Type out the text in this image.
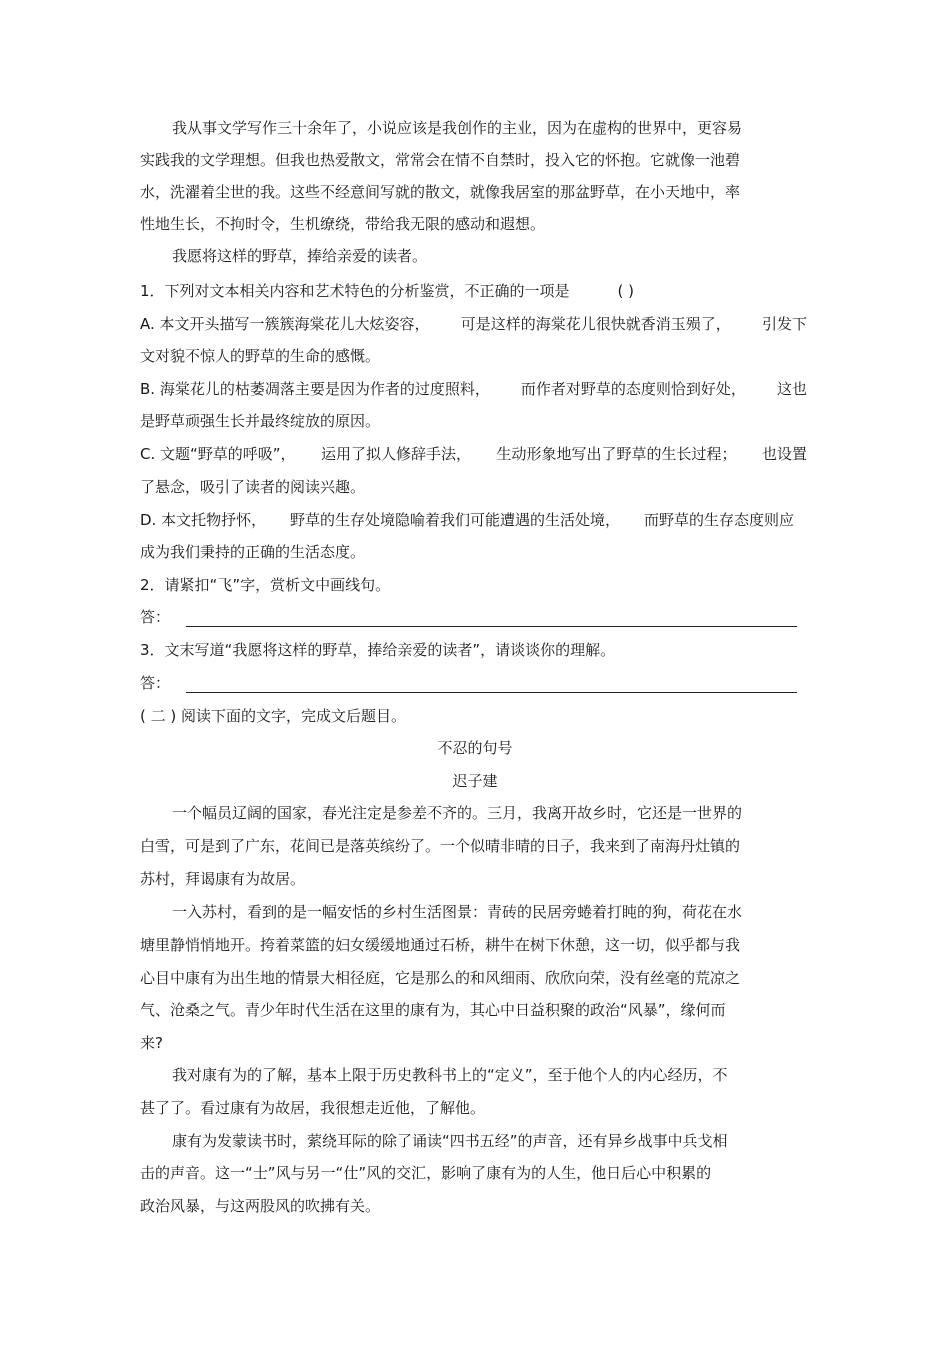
我从事文学写作三十余年了，小说应该是我创作的主业，因为在虚构的世界中，更容易
实践我的文学理想。但我也热爱散文，常常会在情不自禁时，投入它的怀抱。它就像一池碧
水，洗濯着尘世的我。这些不经意间写就的散文，就像我居室的那盆野草，在小天地中，率
性地生长，不拘时令，生机缭绕，带给我无限的感动和遐想。
我愿将这样的野草，捧给亲爱的读者。
1．下列对文本相关内容和艺术特色的分析鉴赏，不正确的一项是	( )
A. 本文开头描写一簇簇海棠花儿大炫姿容， 可是这样的海棠花儿很快就香消玉殒了， 引发下
文对貌不惊人的野草的生命的感慨。
B. 海棠花儿的枯萎凋落主要是因为作者的过度照料， 而作者对野草的态度则恰到好处， 这也
是野草顽强生长并最终绽放的原因。
C. 文题“野草的呼吸”， 运用了拟人修辞手法， 生动形象地写出了野草的生长过程； 也设置
了悬念，吸引了读者的阅读兴趣。
D. 本文托物抒怀， 野草的生存处境隐喻着我们可能遭遇的生活处境， 而野草的生存态度则应
成为我们秉持的正确的生活态度。
2．请紧扣“飞”字，赏析文中画线句。
答：
3．文末写道“我愿将这样的野草，捧给亲爱的读者”，请谈谈你的理解。
答：
( 二 ) 阅读下面的文字，完成文后题目。
不忍的句号
迟子建
一个幅员辽阔的国家，春光注定是参差不齐的。三月，我离开故乡时，它还是一世界的
白雪，可是到了广东，花间已是落英缤纷了。一个似晴非晴的日子，我来到了南海丹灶镇的
苏村，拜谒康有为故居。
一入苏村，看到的是一幅安恬的乡村生活图景：青砖的民居旁蜷着打盹的狗，荷花在水
塘里静悄悄地开。挎着菜篮的妇女缓缓地通过石桥，耕牛在树下休憩，这一切，似乎都与我
心目中康有为出生地的情景大相径庭，它是那么的和风细雨、欣欣向荣，没有丝毫的荒凉之
气、沧桑之气。青少年时代生活在这里的康有为，其心中日益积聚的政治“风暴”，缘何而
来?
我对康有为的了解，基本上限于历史教科书上的“定义”，至于他个人的内心经历，不
甚了了。看过康有为故居，我很想走近他，了解他。
康有为发蒙读书时，萦绕耳际的除了诵读“四书五经”的声音，还有异乡战事中兵戈相
击的声音。这一“士”风与另一“仕”风的交汇，影响了康有为的人生，他日后心中积累的
政治风暴，与这两股风的吹拂有关。
